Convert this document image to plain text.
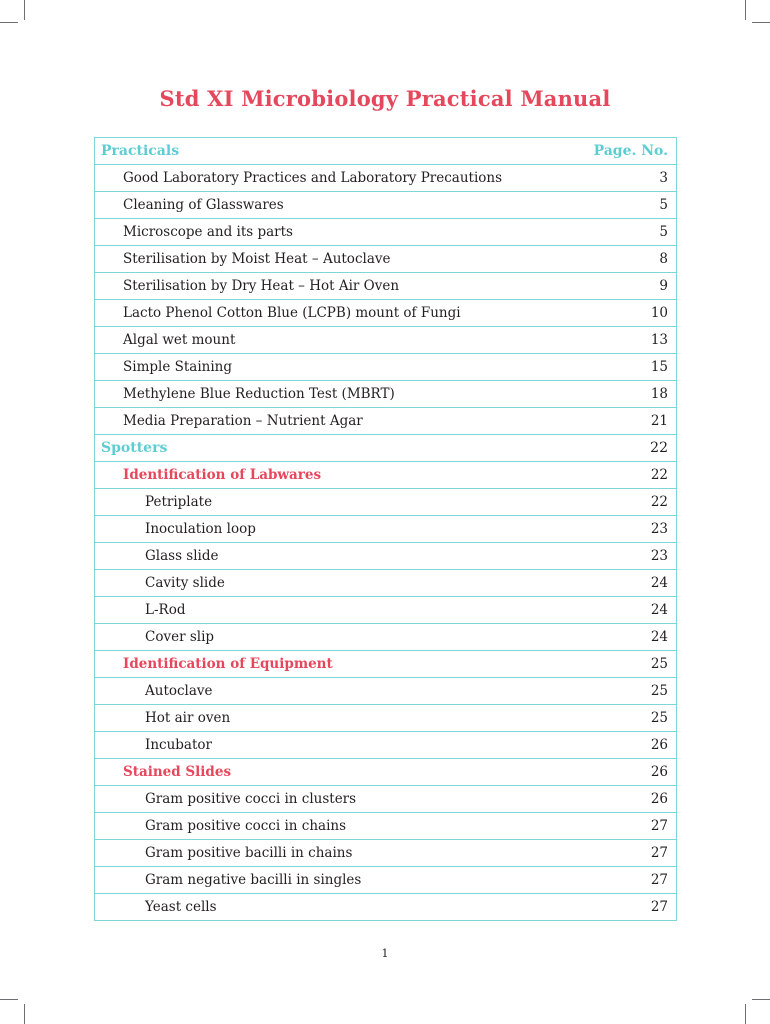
Std XI Microbiology Practical Manual
Practicals	Page. No.
Good Laboratory Practices and Laboratory Precautions	3
Cleaning of Glasswares	5
Microscope and its parts	5
Sterilisation by Moist Heat – Autoclave	8
Sterilisation by Dry Heat – Hot Air Oven	9
Lacto Phenol Cotton Blue (LCPB) mount of Fungi	10
Algal wet mount	13
Simple Staining	15
Methylene Blue Reduction Test (MBRT)	18
Media Preparation – Nutrient Agar	21
Spotters	22
Identification of Labwares	22
Petriplate	22
Inoculation loop	23
Glass slide	23
Cavity slide	24
L-Rod	24
Cover slip	24
Identification of Equipment	25
Autoclave	25
Hot air oven	25
Incubator	26
Stained Slides	26
Gram positive cocci in clusters	26
Gram positive cocci in chains	27
Gram positive bacilli in chains	27
Gram negative bacilli in singles	27
Yeast cells	27
1
